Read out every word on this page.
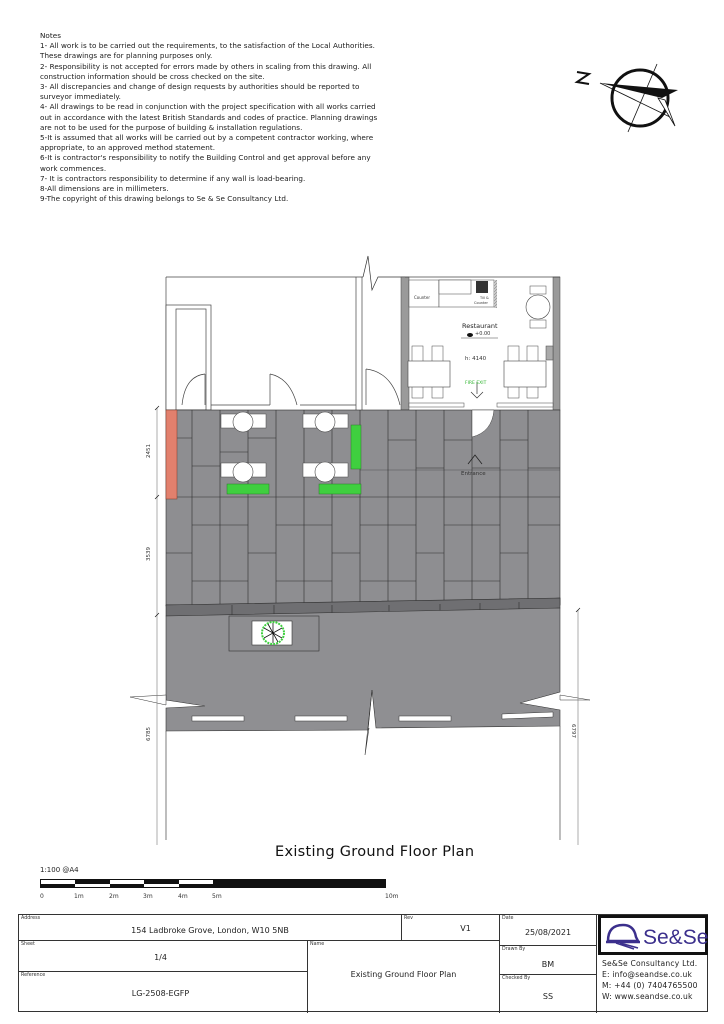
Notes
1- All work is to be carried out the requirements, to the satisfaction of the Local Authorities.
These drawings are for planning purposes only.
2- Responsibility is not accepted for errors made by others in scaling from this drawing. All
construction information should be cross checked on the site.
3- All discrepancies and change of design requests by authorities should be reported to
surveyor immediately.
4- All drawings to be read in conjunction with the project specification with all works carried
out in accordance with the latest British Standards and codes of practice. Planning drawings
are not to be used for the purpose of building & installation regulations.
5-It is assumed that all works will be carried out by a competent contractor working, where
appropriate, to an approved method statement.
6-It is contractor's responsibility to notify the Building Control and get approval before any
work commences.
7- It is contractors responsibility to determine if any wall is load-bearing.
8-All dimensions are in millimeters.
9-The copyright of this drawing belongs to Se & Se Consultancy Ltd.
Counter	Till &
Counter
Restaurant
+0.00
h: 4140
FIRE EXIT
Entrance
2451
3539
6785	6797
Existing Ground Floor Plan
1:100 @A4
0	1m	2m	3m	4m	5m	10m
Address
154 Ladbroke Grove, London, W10 5NB
Rev
V1
Sheet
1/4
Reference
LG-2508-EGFP
Name
Existing Ground Floor Plan
Date
25/08/2021
Drawn By
BM
Checked By
SS
Se&Se
Se&Se Consultancy Ltd.
E: info@seandse.co.uk
M: +44 (0) 7404765500
W: www.seandse.co.uk
